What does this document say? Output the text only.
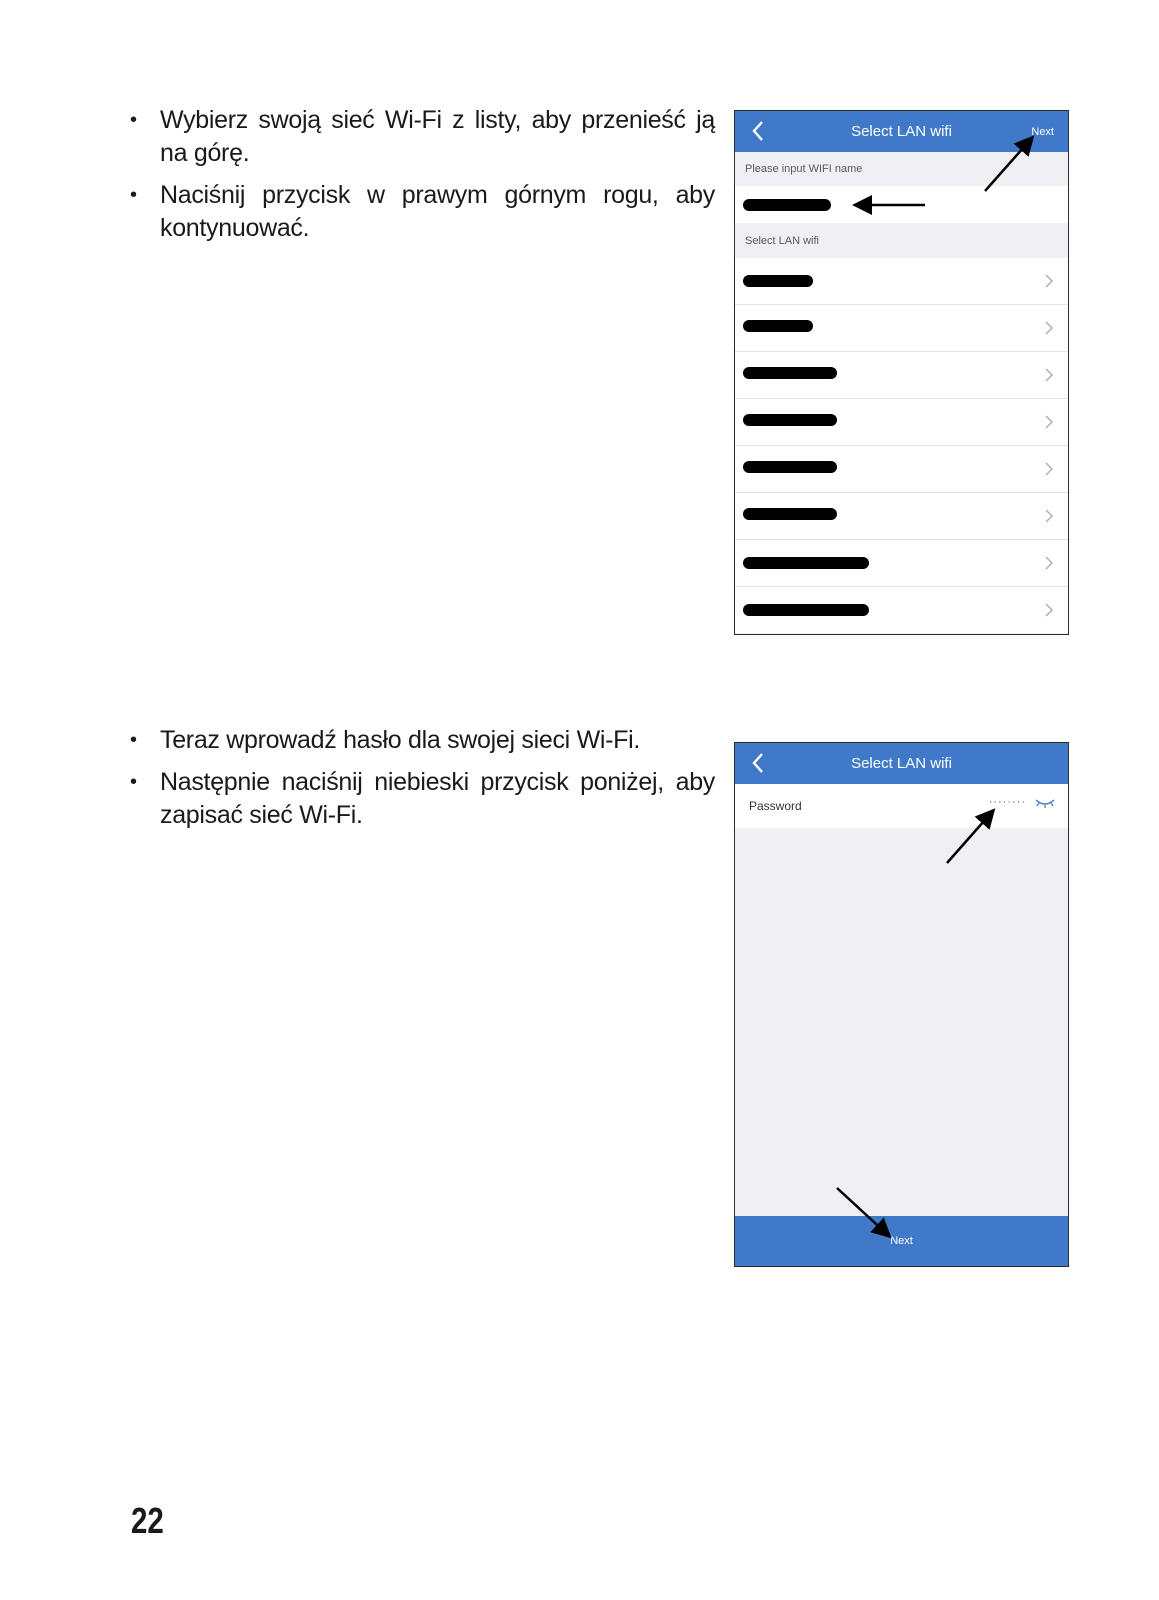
• Wybierz swoją sieć Wi-Fi z listy, aby przenieść ją na górę.
• Naciśnij przycisk w prawym górnym rogu, aby kontynuować.
Select LAN wifi	Next
Please input WIFI name
Select LAN wifi
• Teraz wprowadź hasło dla swojej sieci Wi-Fi.
• Następnie naciśnij niebieski przycisk poniżej, aby zapisać sieć Wi-Fi.
Select LAN wifi
Password	········
Next
22
